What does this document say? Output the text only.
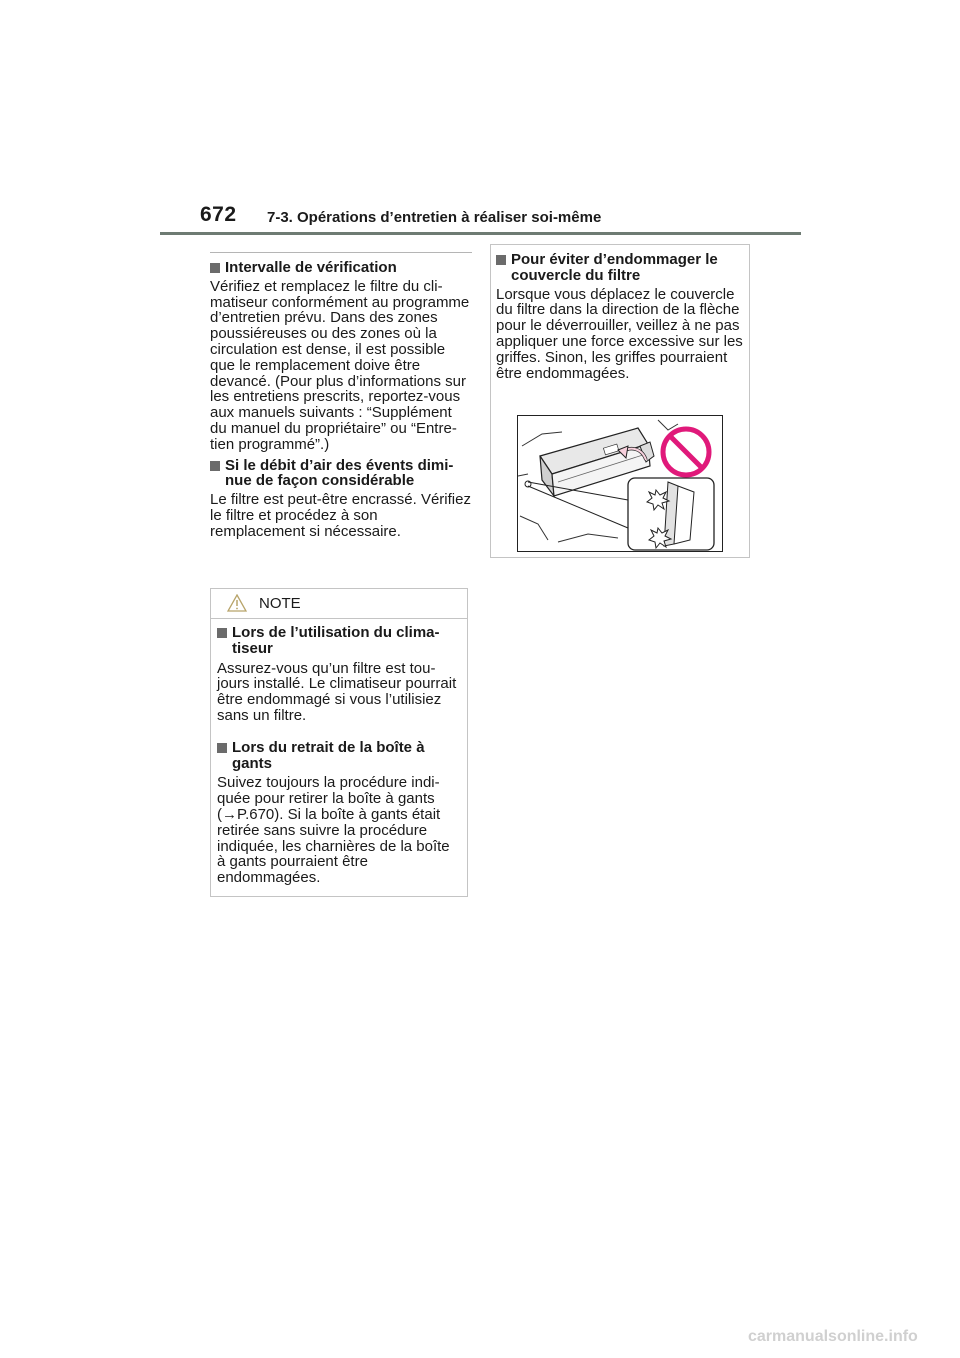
672 7-3. Opérations d’entretien à réaliser soi-même
Intervalle de vérification

Vérifiez et remplacez le filtre du climatiseur conformément au programme d’entretien prévu. Dans des zones poussiéreuses ou des zones où la circulation est dense, il est possible que le remplacement doive être devancé. (Pour plus d’informations sur les entretiens prescrits, reportez-vous aux manuels suivants : “Supplément du manuel du propriétaire” ou “Entretien programmé”.)

Si le débit d’air des évents diminue de façon considérable

Le filtre est peut-être encrassé. Vérifiez le filtre et procédez à son remplacement si nécessaire.

NOTE
Lors de l’utilisation du climatiseur

Assurez-vous qu’un filtre est toujours installé. Le climatiseur pourrait être endommagé si vous l’utilisiez sans un filtre.

Lors du retrait de la boîte à gants

Suivez toujours la procédure indiquée pour retirer la boîte à gants (→P.670). Si la boîte à gants était retirée sans suivre la procédure indiquée, les charnières de la boîte à gants pourraient être endommagées.

Pour éviter d’endommager le couvercle du filtre

Lorsque vous déplacez le couvercle du filtre dans la direction de la flèche pour le déverrouiller, veillez à ne pas appliquer une force excessive sur les griffes. Sinon, les griffes pourraient être endommagées.

carmanualsonline.info
